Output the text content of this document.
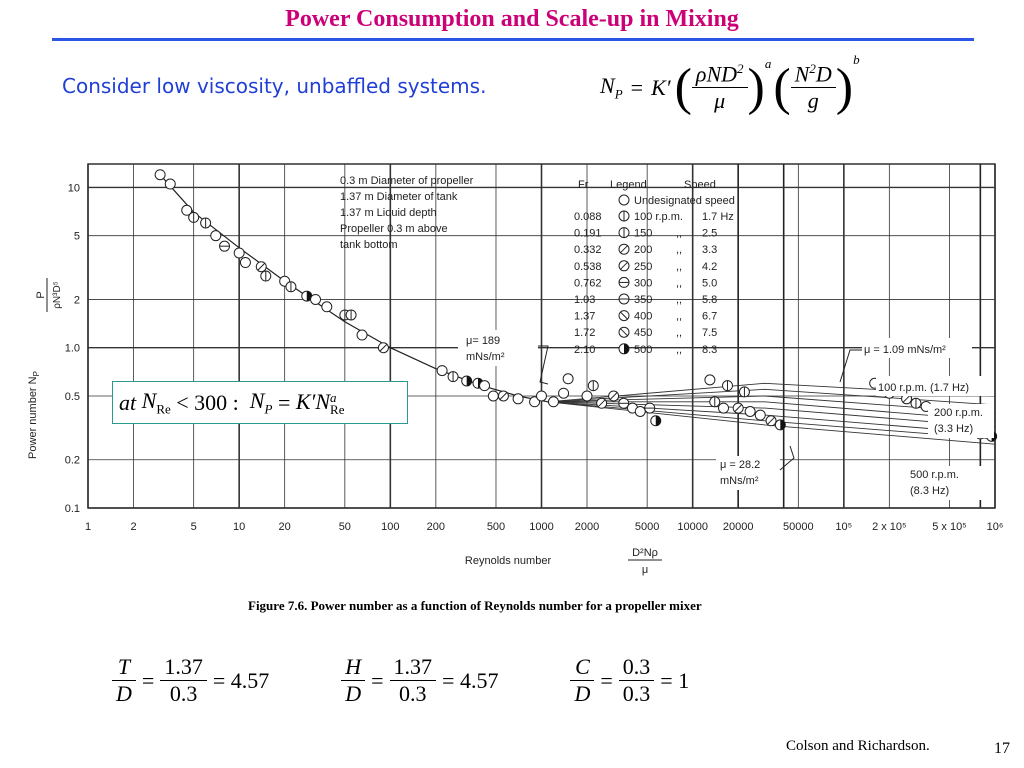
Power Consumption and Scale-up in Mixing
Consider low viscosity, unbaffled systems.	$N_P = K'$ ( $\frac{\rho ND^2}{\mu} )^a$ ( $\frac{N^2D}{g} )^b$
1	2	5	10	20	50	100 200	500 1000 2000	5000 10000 20000	50000 10⁵ 2 x 10⁵ 5 x 10⁵ 10⁶
0.1
0.2
0.5
1.0
2
5
10
Reynolds number
D²Nρ
μ
Power number $N_P$
P ρN³D⁵
0.3 m Diameter of propeller
1.37 m Diameter of tank
1.37 m Liquid depth
Propeller 0.3 m above
tank bottom
Fr Legend	Speed
Undesignated speed
0.088	100 r.p.m. 1.7 Hz
0.191	150 ,, 2.5
0.332	200 ,, 3.3
0.538	250 ,, 4.2
0.762	300 ,, 5.0
1.03	350 ,, 5.8
1.37	400 ,, 6.7
1.72	450 ,, 7.5
2.10	500 ,, 8.3
μ= 189
mNs/m²
μ = 1.09 mNs/m²
100 r.p.m. (1.7 Hz)
200 r.p.m.
(3.3 Hz)
μ = 28.2
mNs/m²	500 r.p.m.
(8.3 Hz)
at
$N_{Re}$
< 300 :
$N_P$
=
K′N a
Re
Figure 7.6. Power number as a function of Reynolds number for a propeller mixer
$\frac{T}{D} = \frac{1.37}{0.3} = 4.57$	$\frac{H}{D} = \frac{1.37}{0.3} = 4.57$	$\frac{C}{D} = \frac{0.3}{0.3} = 1$
Colson and Richardson.	17
